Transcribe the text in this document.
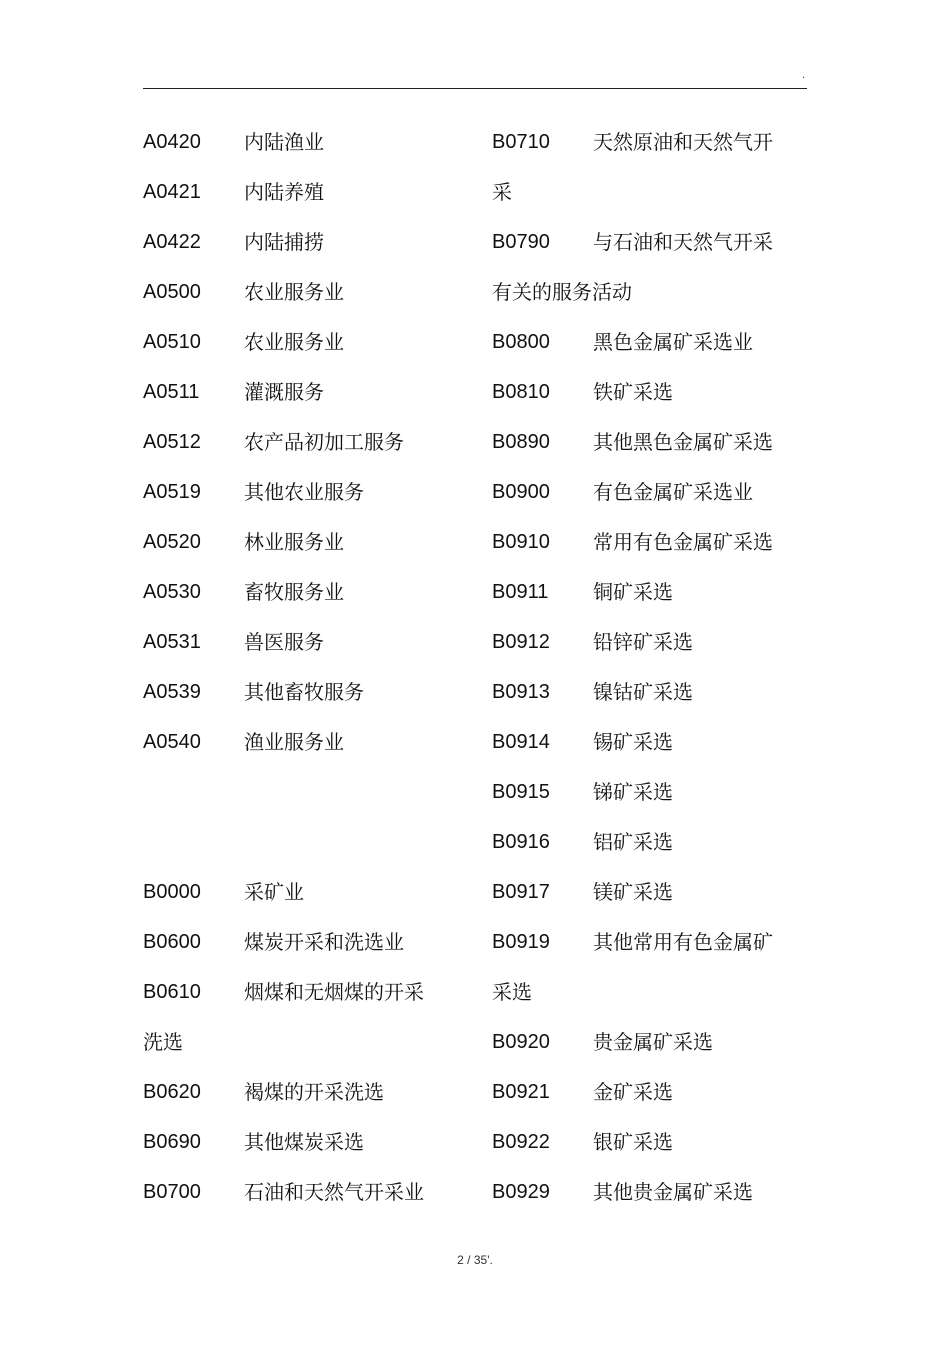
.
A0420 内陆渔业
A0421 内陆养殖
A0422 内陆捕捞
A0500 农业服务业
A0510 农业服务业
A0511 灌溉服务
A0512 农产品初加工服务
A0519 其他农业服务
A0520 林业服务业
A0530 畜牧服务业
A0531 兽医服务
A0539 其他畜牧服务
A0540 渔业服务业
B0000 采矿业
B0600 煤炭开采和洗选业
B0610 烟煤和无烟煤的开采
洗选
B0620 褐煤的开采洗选
B0690 其他煤炭采选
B0700 石油和天然气开采业
B0710 天然原油和天然气开
采
B0790 与石油和天然气开采
有关的服务活动
B0800 黑色金属矿采选业
B0810 铁矿采选
B0890 其他黑色金属矿采选
B0900 有色金属矿采选业
B0910 常用有色金属矿采选
B0911 铜矿采选
B0912 铅锌矿采选
B0913 镍钴矿采选
B0914 锡矿采选
B0915 锑矿采选
B0916 铝矿采选
B0917 镁矿采选
B0919 其他常用有色金属矿
采选
B0920 贵金属矿采选
B0921 金矿采选
B0922 银矿采选
B0929 其他贵金属矿采选
2 / 35'.
